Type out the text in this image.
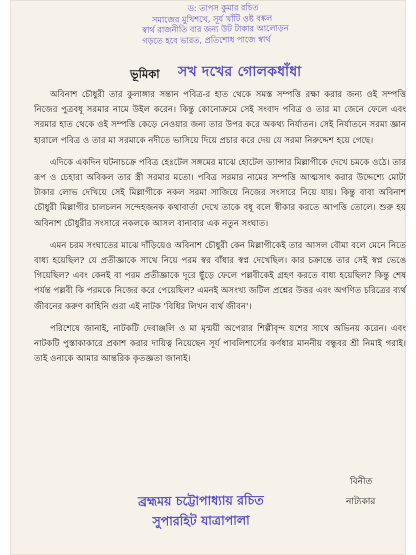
ড: তাপস কুমার রচিত
সমাজের মুখিশখে, সূর্য খাঁটি ওষ্ট বঙ্কল
স্বার্থ রাজনীতি বার জন্য উট টাকার আলোড়ন
গড়তে হবে ভারত, প্রতিশোধ পাজে স্বার্থ
সখ দখের গোলকধাঁধা
ভূমিকা

অবিনাশ চৌধুরী তার কুলাঙ্গার সন্তান পবিত্র-র হাত থেকে সমস্ত সম্পত্তি রক্ষা করার জন্য ওই সম্পত্তি নিজের পুত্রবধূ সরমার নামে উইল করেন। কিন্তু কোনোক্রমে সেই সংবাদ পবিত্র ও তার মা জেনে ফেলে এবং সরমার হাত থেকে ওই সম্পত্তি কেড়ে নেওয়ার জন্য তার উপর করে অকথ্য নির্যাতন। সেই নির্যাতনে সরমা জ্ঞান হারালে পবিত্র ও তার মা সরমাকে নদীতে ভাসিয়ে দিয়ে প্রচার করে দেয় যে সরমা নিরুদ্দেশ হয়ে গেছে।

এদিকে একদিন ঘটনাচক্রে পবিত্র হেঃটেল সঙ্গমের মাঝে হোটেল ড্যান্সার মিল্লাগীকে দেখে চমকে ওঠে। তার রূপ ও চেহারা অবিকল তার স্ত্রী সরমার মতো। পবিত্র সরমার নামের সম্পত্তি আত্মসাৎ করার উদ্দেশ্যে মোটা টাকার লোভ দেখিয়ে সেই মিল্লাগীকে নকল সরমা সাজিয়ে নিজের সংসারে নিয়ে যায়। কিন্তু বাবা অবিনাশ চৌধুরী মিল্লাগীর চালচলন সন্দেহজনক কথাবার্তা দেখে তাকে বধূ বলে স্বীকার করতে আপত্তি তোলে। শুরু হয় অবিনাশ চৌধুরীর সংসারে নকলকে আসল বানাবার এক নতুন সংঘাত।

এমন চরম সংঘাতের মাঝে দাঁড়িয়েও অবিনাশ চৌধুরী কেন মিল্লাগীকেই তার আসল বৌমা বলে মেনে নিতে বাধ্য হয়েছিল? যে প্রতীজ্ঞাকে সাথে নিয়ে পরম স্বর বাঁধার স্বপ্ন দেখেছিল। কার চক্রান্তে তার সেই স্বপ্ন ভেঙে গিয়েছিল? এবং কেনই বা পরম প্রতীজ্ঞাকে দূরে ছুঁড়ে ফেলে পল্লবীকেই গ্রহণ করতে বাধ্য হয়েছিল? কিন্তু শেষ পর্যন্ত পল্লবী কি পরমকে নিজের করে পেয়েছিল? এমনই অসংখ্য জটিল প্রশ্নের উত্তর এবং অগণিত চরিত্রের ব্যর্থ জীবনের করুণ কাহিনি গুরা এই নাটক 'বিধির লিখন ব্যর্থ জীবন'।

পরিশেষে জানাই, নাটকটি দেবাঞ্জলি ও মা মৃন্ময়ী অপেরার শিল্পীবৃন্দ যশের সাথে অভিনয় করেন। এবং নাটকটি পুস্তাকাকারে প্রকাশ করার দায়িত্ব নিয়েছেন সূর্য পাবলিশার্সের কর্ণধার মাননীয় বন্ধুবর শ্রী নিমাই গরাই। তাই ওনাকে আমার আন্তরিক কৃতজ্ঞতা জানাই।

বিনীত
নাট্যকার
ব্রহ্মময় চট্টোপাধ্যায় রচিত
সুপারহিট যাত্রাপালা
